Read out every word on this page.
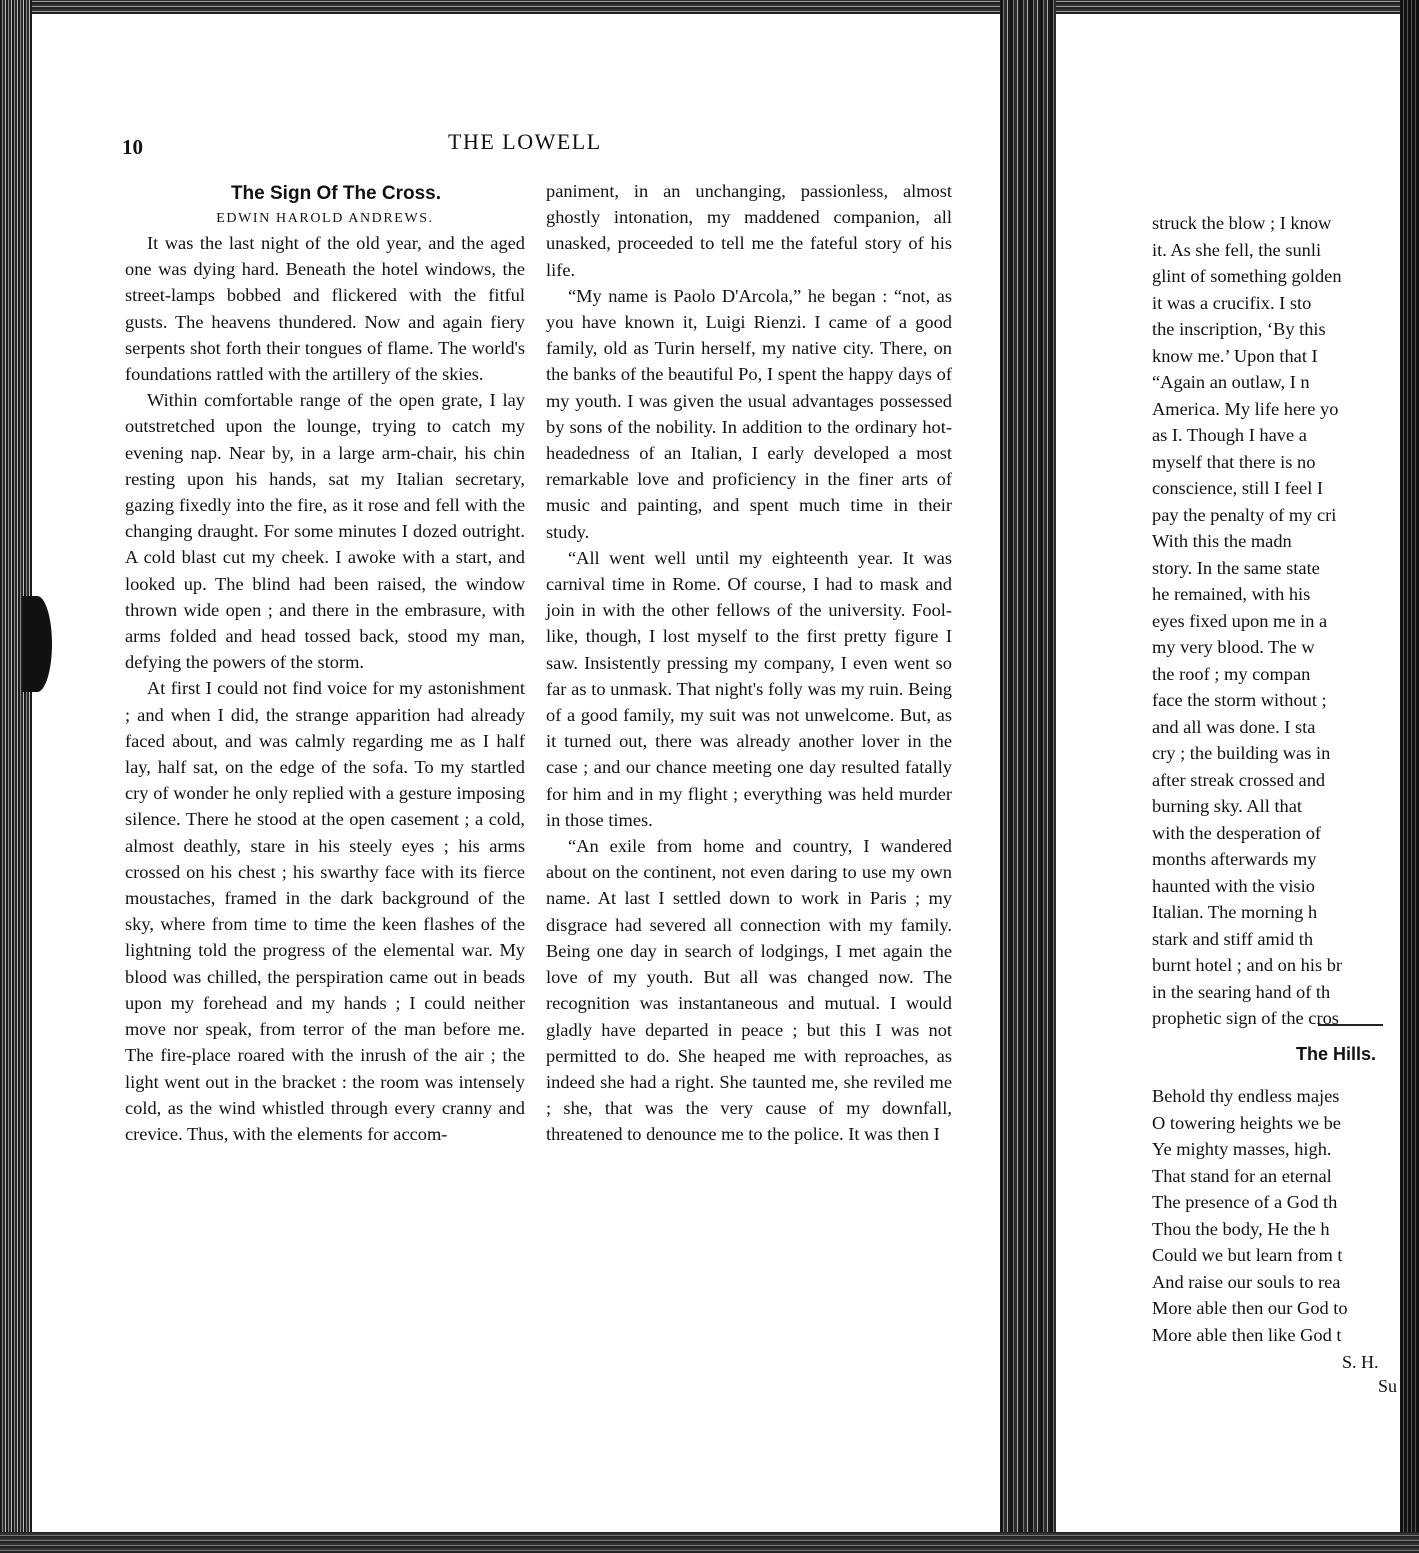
10	THE LOWELL

The Sign Of The Cross.

EDWIN HAROLD ANDREWS.

It was the last night of the old year, and the aged one was dying hard. Beneath the hotel windows, the street-lamps bobbed and flickered with the fitful gusts. The heavens thundered. Now and again fiery serpents shot forth their tongues of flame. The world's foundations rattled with the artillery of the skies.

Within comfortable range of the open grate, I lay outstretched upon the lounge, trying to catch my evening nap. Near by, in a large arm-chair, his chin resting upon his hands, sat my Italian secretary, gazing fixedly into the fire, as it rose and fell with the changing draught. For some minutes I dozed outright. A cold blast cut my cheek. I awoke with a start, and looked up. The blind had been raised, the window thrown wide open ; and there in the embrasure, with arms folded and head tossed back, stood my man, defying the powers of the storm.

At first I could not find voice for my astonishment ; and when I did, the strange apparition had already faced about, and was calmly regarding me as I half lay, half sat, on the edge of the sofa. To my startled cry of wonder he only replied with a gesture imposing silence. There he stood at the open casement ; a cold, almost deathly, stare in his steely eyes ; his arms crossed on his chest ; his swarthy face with its fierce moustaches, framed in the dark background of the sky, where from time to time the keen flashes of the lightning told the progress of the elemental war. My blood was chilled, the perspiration came out in beads upon my forehead and my hands ; I could neither move nor speak, from terror of the man before me. The fire-place roared with the inrush of the air ; the light went out in the bracket : the room was intensely cold, as the wind whistled through every cranny and crevice. Thus, with the elements for accom-

paniment, in an unchanging, passionless, almost ghostly intonation, my maddened companion, all unasked, proceeded to tell me the fateful story of his life.

“My name is Paolo D'Arcola,” he began : “not, as you have known it, Luigi Rienzi. I came of a good family, old as Turin herself, my native city. There, on the banks of the beautiful Po, I spent the happy days of my youth. I was given the usual advantages possessed by sons of the nobility. In addition to the ordinary hot-headedness of an Italian, I early developed a most remarkable love and proficiency in the finer arts of music and painting, and spent much time in their study.

“All went well until my eighteenth year. It was carnival time in Rome. Of course, I had to mask and join in with the other fellows of the university. Fool-like, though, I lost myself to the first pretty figure I saw. Insistently pressing my company, I even went so far as to unmask. That night's folly was my ruin. Being of a good family, my suit was not unwelcome. But, as it turned out, there was already another lover in the case ; and our chance meeting one day resulted fatally for him and in my flight ; everything was held murder in those times.

“An exile from home and country, I wandered about on the continent, not even daring to use my own name. At last I settled down to work in Paris ; my disgrace had severed all connection with my family. Being one day in search of lodgings, I met again the love of my youth. But all was changed now. The recognition was instantaneous and mutual. I would gladly have departed in peace ; but this I was not permitted to do. She heaped me with reproaches, as indeed she had a right. She taunted me, she reviled me ; she, that was the very cause of my downfall, threatened to denounce me to the police. It was then I

struck the blow ; I know
it. As she fell, the sunli
glint of something golden
it was a crucifix. I sto
the inscription, ‘By this
know me.’ Upon that I
“Again an outlaw, I n
America. My life here yo
as I. Though I have a
myself that there is no
conscience, still I feel I
pay the penalty of my cri
With this the madn
story. In the same state
he remained, with his
eyes fixed upon me in a
my very blood. The w
the roof ; my compan
face the storm without ;
and all was done. I sta
cry ; the building was in
after streak crossed and
burning sky. All that
with the desperation of
months afterwards my
haunted with the visio
Italian. The morning h
stark and stiff amid th
burnt hotel ; and on his br
in the searing hand of th
prophetic sign of the cros
The Hills.
Behold thy endless majes
O towering heights we be
Ye mighty masses, high.
That stand for an eternal
The presence of a God th
Thou the body, He the h
Could we but learn from t
And raise our souls to rea
More able then our God to
More able then like God t
S. H.
Su
